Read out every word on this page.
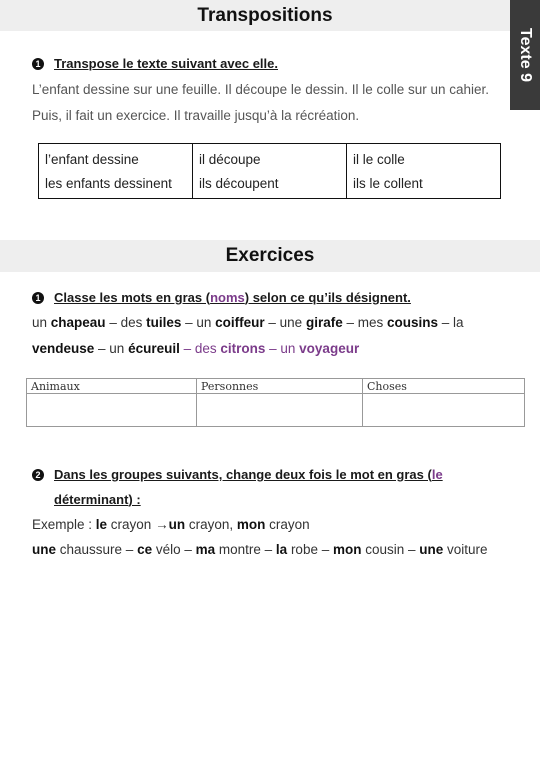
Transpositions
Texte 9
1 Transpose le texte suivant avec elle.
L’enfant dessine sur une feuille. Il découpe le dessin. Il le colle sur un cahier.
Puis, il fait un exercice. Il travaille jusqu’à la récréation.
l’enfant dessine	il découpe	il le colle
les enfants dessinent	ils découpent	ils le collent
Exercices
1 Classe les mots en gras (noms) selon ce qu’ils désignent.
un chapeau – des tuiles – un coiffeur – une girafe – mes cousins – la
vendeuse – un écureuil – des citrons – un voyageur
Animaux	Personnes	Choses

2 Dans les groupes suivants, change deux fois le mot en gras (le
déterminant) :
Exemple : le crayon →un crayon, mon crayon
une chaussure – ce vélo – ma montre – la robe – mon cousin – une voiture
